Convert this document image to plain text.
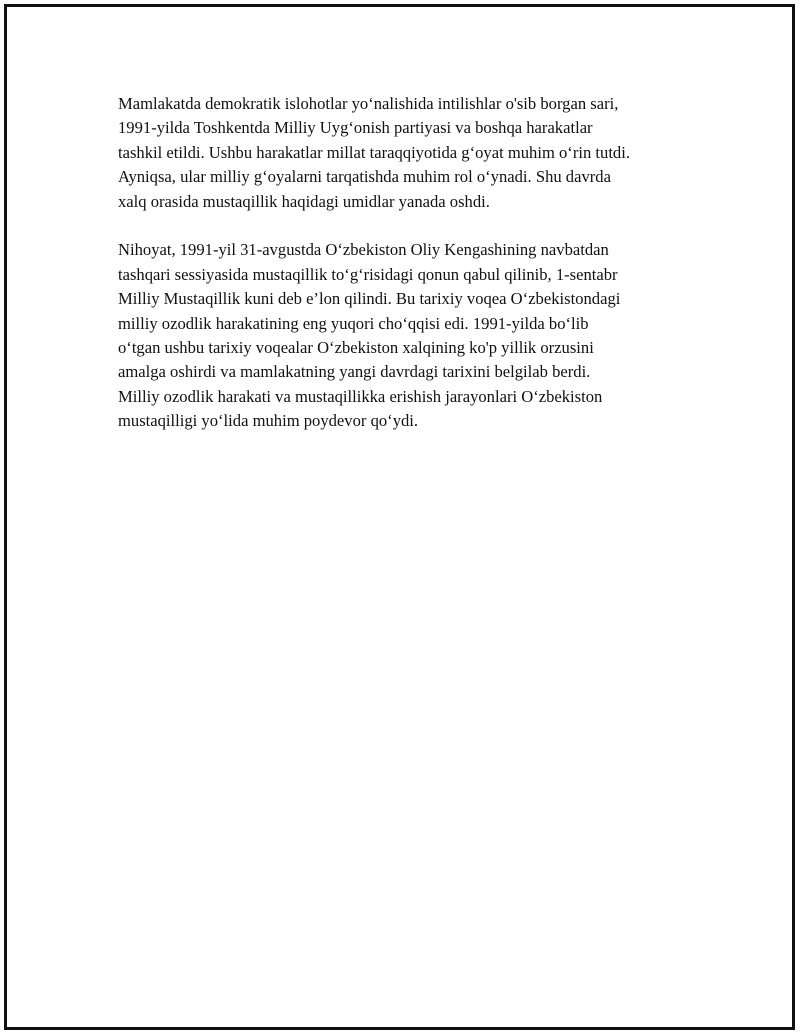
Mamlakatda demokratik islohotlar yo‘nalishida intilishlar o'sib borgan sari,
1991-yilda Toshkentda Milliy Uyg‘onish partiyasi va boshqa harakatlar
tashkil etildi. Ushbu harakatlar millat taraqqiyotida g‘oyat muhim o‘rin tutdi.
Ayniqsa, ular milliy g‘oyalarni tarqatishda muhim rol o‘ynadi. Shu davrda
xalq orasida mustaqillik haqidagi umidlar yanada oshdi.

Nihoyat, 1991-yil 31-avgustda O‘zbekiston Oliy Kengashining navbatdan
tashqari sessiyasida mustaqillik to‘g‘risidagi qonun qabul qilinib, 1-sentabr
Milliy Mustaqillik kuni deb e’lon qilindi. Bu tarixiy voqea O‘zbekistondagi
milliy ozodlik harakatining eng yuqori cho‘qqisi edi. 1991-yilda bo‘lib
o‘tgan ushbu tarixiy voqealar O‘zbekiston xalqining ko'p yillik orzusini
amalga oshirdi va mamlakatning yangi davrdagi tarixini belgilab berdi.
Milliy ozodlik harakati va mustaqillikka erishish jarayonlari O‘zbekiston
mustaqilligi yo‘lida muhim poydevor qo‘ydi.
